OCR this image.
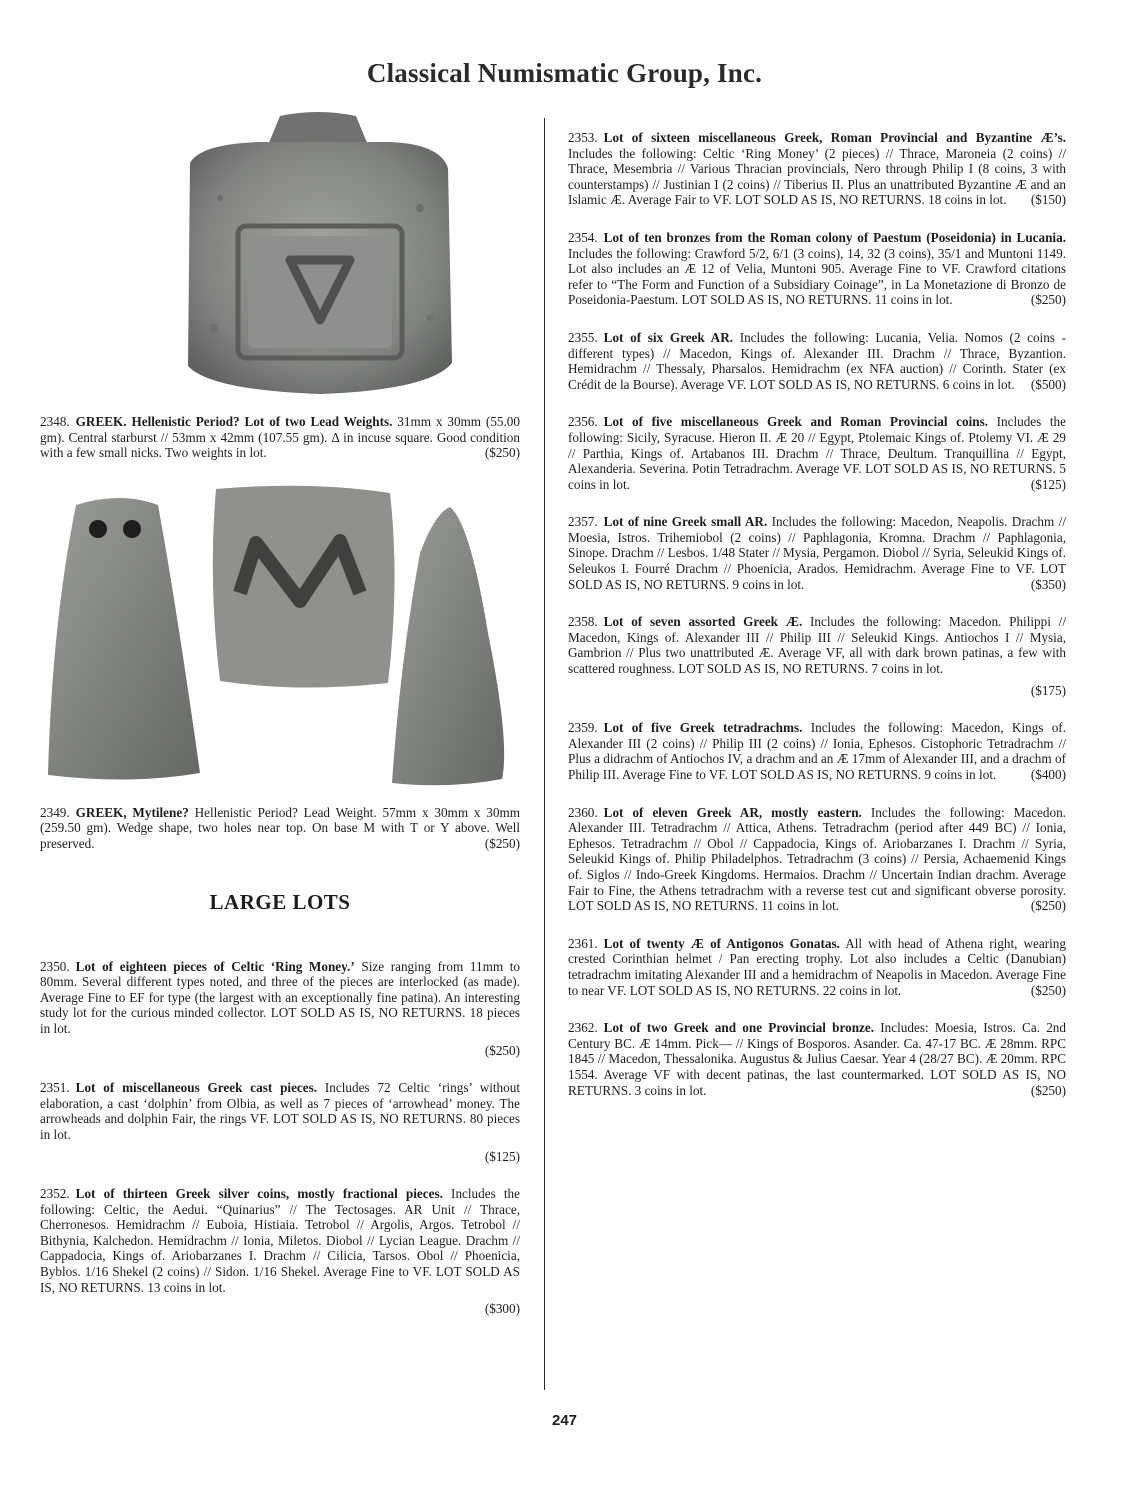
Classical Numismatic Group, Inc.

2348. GREEK. Hellenistic Period? Lot of two Lead Weights. 31mm x 30mm (55.00 gm). Central starburst // 53mm x 42mm (107.55 gm). Δ in incuse square. Good condition with a few small nicks. Two weights in lot.	($250)

2349. GREEK, Mytilene? Hellenistic Period? Lead Weight. 57mm x 30mm x 30mm (259.50 gm). Wedge shape, two holes near top. On base M with T or Y above. Well preserved.	($250)

LARGE LOTS

2350. Lot of eighteen pieces of Celtic ‘Ring Money.’ Size ranging from 11mm to 80mm. Several different types noted, and three of the pieces are interlocked (as made). Average Fine to EF for type (the largest with an exceptionally fine patina). An interesting study lot for the curious minded collector. LOT SOLD AS IS, NO RETURNS. 18 pieces in lot.
($250)

2351. Lot of miscellaneous Greek cast pieces. Includes 72 Celtic ‘rings’ without elaboration, a cast ‘dolphin’ from Olbia, as well as 7 pieces of ‘arrowhead’ money. The arrowheads and dolphin Fair, the rings VF. LOT SOLD AS IS, NO RETURNS. 80 pieces in lot.
($125)

2352. Lot of thirteen Greek silver coins, mostly fractional pieces. Includes the following: Celtic, the Aedui. “Quinarius” // The Tectosages. AR Unit // Thrace, Cherronesos. Hemidrachm // Euboia, Histiaia. Tetrobol // Argolis, Argos. Tetrobol // Bithynia, Kalchedon. Hemidrachm // Ionia, Miletos. Diobol // Lycian League. Drachm // Cappadocia, Kings of. Ariobarzanes I. Drachm // Cilicia, Tarsos. Obol // Phoenicia, Byblos. 1/16 Shekel (2 coins) // Sidon. 1/16 Shekel. Average Fine to VF. LOT SOLD AS IS, NO RETURNS. 13 coins in lot.
($300)

2353. Lot of sixteen miscellaneous Greek, Roman Provincial and Byzantine Æ’s. Includes the following: Celtic ‘Ring Money’ (2 pieces) // Thrace, Maroneia (2 coins) // Thrace, Mesembria // Various Thracian provincials, Nero through Philip I (8 coins, 3 with counterstamps) // Justinian I (2 coins) // Tiberius II. Plus an unattributed Byzantine Æ and an Islamic Æ. Average Fair to VF. LOT SOLD AS IS, NO RETURNS. 18 coins in lot.	($150)

2354. Lot of ten bronzes from the Roman colony of Paestum (Poseidonia) in Lucania. Includes the following: Crawford 5/2, 6/1 (3 coins), 14, 32 (3 coins), 35/1 and Muntoni 1149. Lot also includes an Æ 12 of Velia, Muntoni 905. Average Fine to VF. Crawford citations refer to “The Form and Function of a Subsidiary Coinage”, in La Monetazione di Bronzo de Poseidonia-Paestum. LOT SOLD AS IS, NO RETURNS. 11 coins in lot.	($250)

2355. Lot of six Greek AR. Includes the following: Lucania, Velia. Nomos (2 coins - different types) // Macedon, Kings of. Alexander III. Drachm // Thrace, Byzantion. Hemidrachm // Thessaly, Pharsalos. Hemidrachm (ex NFA auction) // Corinth. Stater (ex Crédit de la Bourse). Average VF. LOT SOLD AS IS, NO RETURNS. 6 coins in lot.	($500)

2356. Lot of five miscellaneous Greek and Roman Provincial coins. Includes the following: Sicily, Syracuse. Hieron II. Æ 20 // Egypt, Ptolemaic Kings of. Ptolemy VI. Æ 29 // Parthia, Kings of. Artabanos III. Drachm // Thrace, Deultum. Tranquillina // Egypt, Alexanderia. Severina. Potin Tetradrachm. Average VF. LOT SOLD AS IS, NO RETURNS. 5 coins in lot.	($125)

2357. Lot of nine Greek small AR. Includes the following: Macedon, Neapolis. Drachm // Moesia, Istros. Trihemiobol (2 coins) // Paphlagonia, Kromna. Drachm // Paphlagonia, Sinope. Drachm // Lesbos. 1/48 Stater // Mysia, Pergamon. Diobol // Syria, Seleukid Kings of. Seleukos I. Fourré Drachm // Phoenicia, Arados. Hemidrachm. Average Fine to VF. LOT SOLD AS IS, NO RETURNS. 9 coins in lot.	($350)

2358. Lot of seven assorted Greek Æ. Includes the following: Macedon. Philippi // Macedon, Kings of. Alexander III // Philip III // Seleukid Kings. Antiochos I // Mysia, Gambrion // Plus two unattributed Æ. Average VF, all with dark brown patinas, a few with scattered roughness. LOT SOLD AS IS, NO RETURNS. 7 coins in lot.
($175)

2359. Lot of five Greek tetradrachms. Includes the following: Macedon, Kings of. Alexander III (2 coins) // Philip III (2 coins) // Ionia, Ephesos. Cistophoric Tetradrachm // Plus a didrachm of Antiochos IV, a drachm and an Æ 17mm of Alexander III, and a drachm of Philip III. Average Fine to VF. LOT SOLD AS IS, NO RETURNS. 9 coins in lot.	($400)

2360. Lot of eleven Greek AR, mostly eastern. Includes the following: Macedon. Alexander III. Tetradrachm // Attica, Athens. Tetradrachm (period after 449 BC) // Ionia, Ephesos. Tetradrachm // Obol // Cappadocia, Kings of. Ariobarzanes I. Drachm // Syria, Seleukid Kings of. Philip Philadelphos. Tetradrachm (3 coins) // Persia, Achaemenid Kings of. Siglos // Indo-Greek Kingdoms. Hermaios. Drachm // Uncertain Indian drachm. Average Fair to Fine, the Athens tetradrachm with a reverse test cut and significant obverse porosity. LOT SOLD AS IS, NO RETURNS. 11 coins in lot.	($250)

2361. Lot of twenty Æ of Antigonos Gonatas. All with head of Athena right, wearing crested Corinthian helmet / Pan erecting trophy. Lot also includes a Celtic (Danubian) tetradrachm imitating Alexander III and a hemidrachm of Neapolis in Macedon. Average Fine to near VF. LOT SOLD AS IS, NO RETURNS. 22 coins in lot.	($250)

2362. Lot of two Greek and one Provincial bronze. Includes: Moesia, Istros. Ca. 2nd Century BC. Æ 14mm. Pick— // Kings of Bosporos. Asander. Ca. 47-17 BC. Æ 28mm. RPC 1845 // Macedon, Thessalonika. Augustus & Julius Caesar. Year 4 (28/27 BC). Æ 20mm. RPC 1554. Average VF with decent patinas, the last countermarked. LOT SOLD AS IS, NO RETURNS. 3 coins in lot.	($250)

247
